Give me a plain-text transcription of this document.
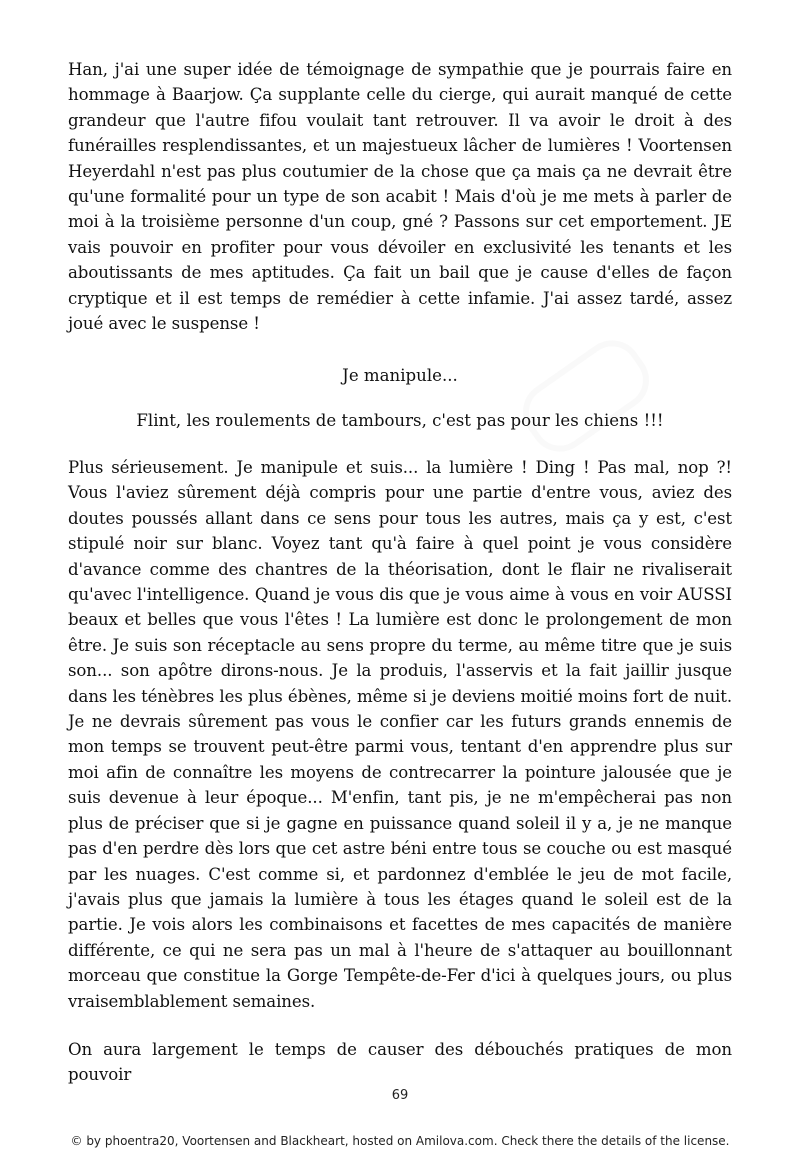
Han, j'ai une super idée de témoignage de sympathie que je pourrais faire en hommage à Baarjow. Ça supplante celle du cierge, qui aurait manqué de cette grandeur que l'autre fifou voulait tant retrouver. Il va avoir le droit à des funérailles resplendissantes, et un majestueux lâcher de lumières ! Voortensen Heyerdahl n'est pas plus coutumier de la chose que ça mais ça ne devrait être qu'une formalité pour un type de son acabit ! Mais d'où je me mets à parler de moi à la troisième personne d'un coup, gné ? Passons sur cet emportement. JE vais pouvoir en profiter pour vous dévoiler en exclusivité les tenants et les aboutissants de mes aptitudes. Ça fait un bail que je cause d'elles de façon cryptique et il est temps de remédier à cette infamie. J'ai assez tardé, assez joué avec le suspense !

Je manipule...

Flint, les roulements de tambours, c'est pas pour les chiens !!!

Plus sérieusement. Je manipule et suis... la lumière ! Ding ! Pas mal, nop ?! Vous l'aviez sûrement déjà compris pour une partie d'entre vous, aviez des doutes poussés allant dans ce sens pour tous les autres, mais ça y est, c'est stipulé noir sur blanc. Voyez tant qu'à faire à quel point je vous considère d'avance comme des chantres de la théorisation, dont le flair ne rivaliserait qu'avec l'intelligence. Quand je vous dis que je vous aime à vous en voir AUSSI beaux et belles que vous l'êtes ! La lumière est donc le prolongement de mon être. Je suis son réceptacle au sens propre du terme, au même titre que je suis son... son apôtre dirons-nous. Je la produis, l'asservis et la fait jaillir jusque dans les ténèbres les plus ébènes, même si je deviens moitié moins fort de nuit. Je ne devrais sûrement pas vous le confier car les futurs grands ennemis de mon temps se trouvent peut-être parmi vous, tentant d'en apprendre plus sur moi afin de connaître les moyens de contrecarrer la pointure jalousée que je suis devenue à leur époque... M'enfin, tant pis, je ne m'empêcherai pas non plus de préciser que si je gagne en puissance quand soleil il y a, je ne manque pas d'en perdre dès lors que cet astre béni entre tous se couche ou est masqué par les nuages. C'est comme si, et pardonnez d'emblée le jeu de mot facile, j'avais plus que jamais la lumière à tous les étages quand le soleil est de la partie. Je vois alors les combinaisons et facettes de mes capacités de manière différente, ce qui ne sera pas un mal à l'heure de s'attaquer au bouillonnant morceau que constitue la Gorge Tempête-de-Fer d'ici à quelques jours, ou plus vraisemblablement semaines.

On aura largement le temps de causer des débouchés pratiques de mon pouvoir

69
© by phoentra20, Voortensen and Blackheart, hosted on Amilova.com. Check there the details of the license.
